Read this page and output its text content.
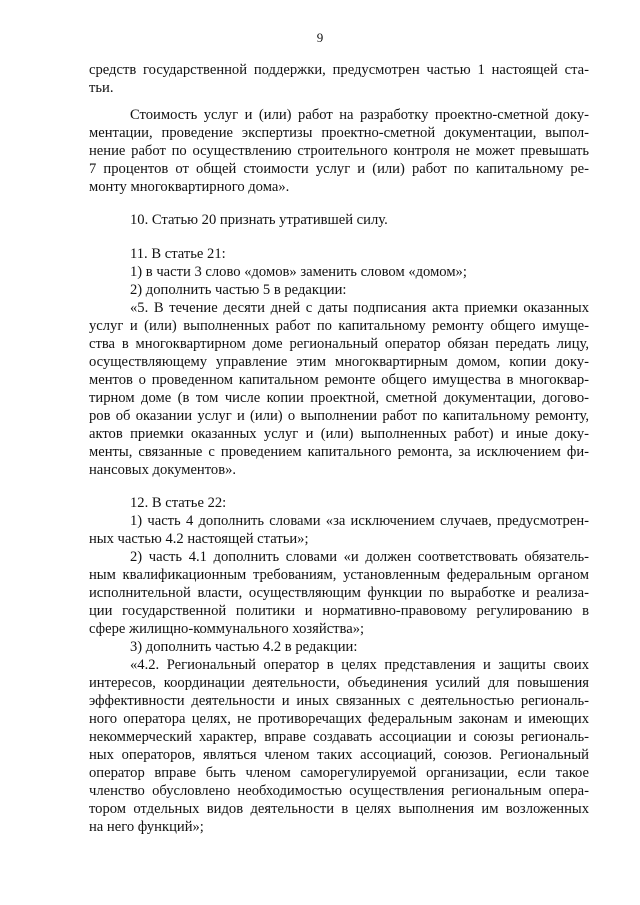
9
средств государственной поддержки, предусмотрен частью 1 настоящей ста-
тьи.
Стоимость услуг и (или) работ на разработку проектно-сметной доку-
ментации, проведение экспертизы проектно-сметной документации, выпол-
нение работ по осуществлению строительного контроля не может превышать
7 процентов от общей стоимости услуг и (или) работ по капитальному ре-
монту многоквартирного дома».
10. Статью 20 признать утратившей силу.
11. В статье 21:
1) в части 3 слово «домов» заменить словом «домом»;
2) дополнить частью 5 в редакции:
«5. В течение десяти дней с даты подписания акта приемки оказанных
услуг и (или) выполненных работ по капитальному ремонту общего имуще-
ства в многоквартирном доме региональный оператор обязан передать лицу,
осуществляющему управление этим многоквартирным домом, копии доку-
ментов о проведенном капитальном ремонте общего имущества в многоквар-
тирном доме (в том числе копии проектной, сметной документации, догово-
ров об оказании услуг и (или) о выполнении работ по капитальному ремонту,
актов приемки оказанных услуг и (или) выполненных работ) и иные доку-
менты, связанные с проведением капитального ремонта, за исключением фи-
нансовых документов».
12. В статье 22:
1) часть 4 дополнить словами «за исключением случаев, предусмотрен-
ных частью 4.2 настоящей статьи»;
2) часть 4.1 дополнить словами «и должен соответствовать обязатель-
ным квалификационным требованиям, установленным федеральным органом
исполнительной власти, осуществляющим функции по выработке и реализа-
ции государственной политики и нормативно-правовому регулированию в
сфере жилищно-коммунального хозяйства»;
3) дополнить частью 4.2 в редакции:
«4.2. Региональный оператор в целях представления и защиты своих
интересов, координации деятельности, объединения усилий для повышения
эффективности деятельности и иных связанных с деятельностью региональ-
ного оператора целях, не противоречащих федеральным законам и имеющих
некоммерческий характер, вправе создавать ассоциации и союзы региональ-
ных операторов, являться членом таких ассоциаций, союзов. Региональный
оператор вправе быть членом саморегулируемой организации, если такое
членство обусловлено необходимостью осуществления региональным опера-
тором отдельных видов деятельности в целях выполнения им возложенных
на него функций»;
